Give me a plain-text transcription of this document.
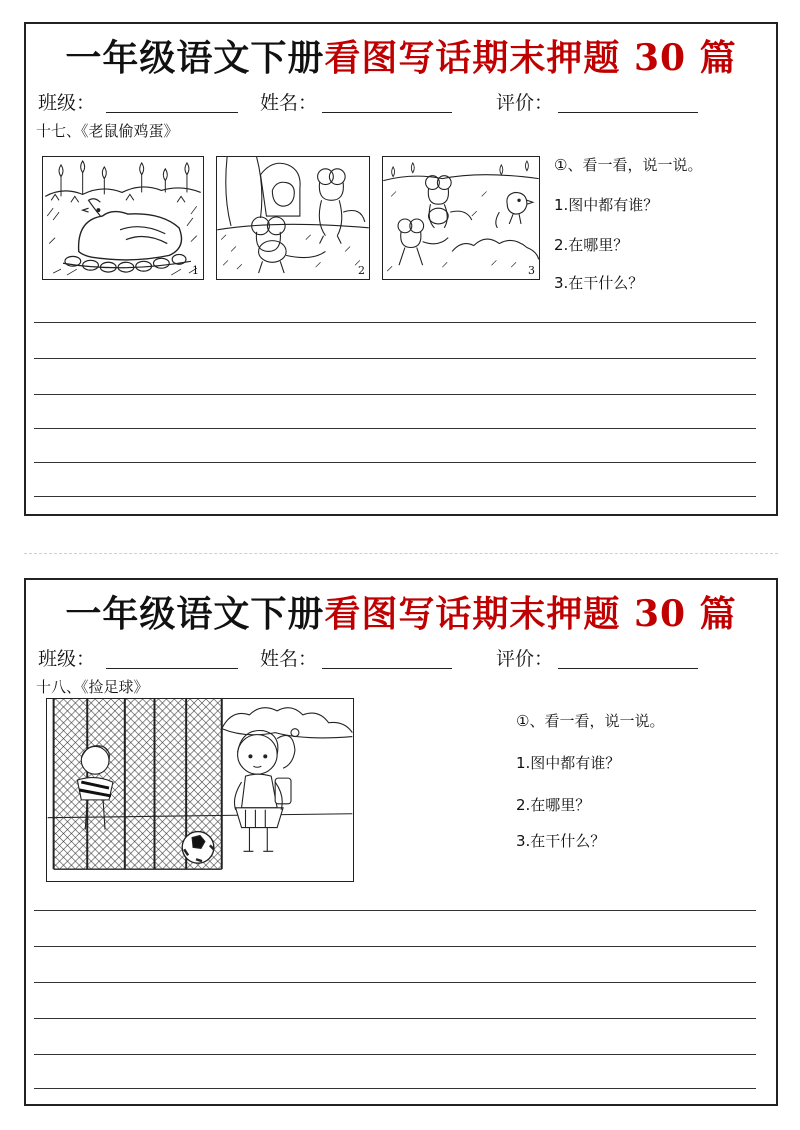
一年级语文下册看图写话期末押题 30 篇
班级：	姓名：	评价：
十七、《老鼠偷鸡蛋》
1	2	3
①、看一看，说一说。
1.图中都有谁？
2.在哪里？
3.在干什么？
一年级语文下册看图写话期末押题 30 篇
班级：	姓名：	评价：
十八、《捡足球》
①、看一看，说一说。
1.图中都有谁？
2.在哪里？
3.在干什么？
